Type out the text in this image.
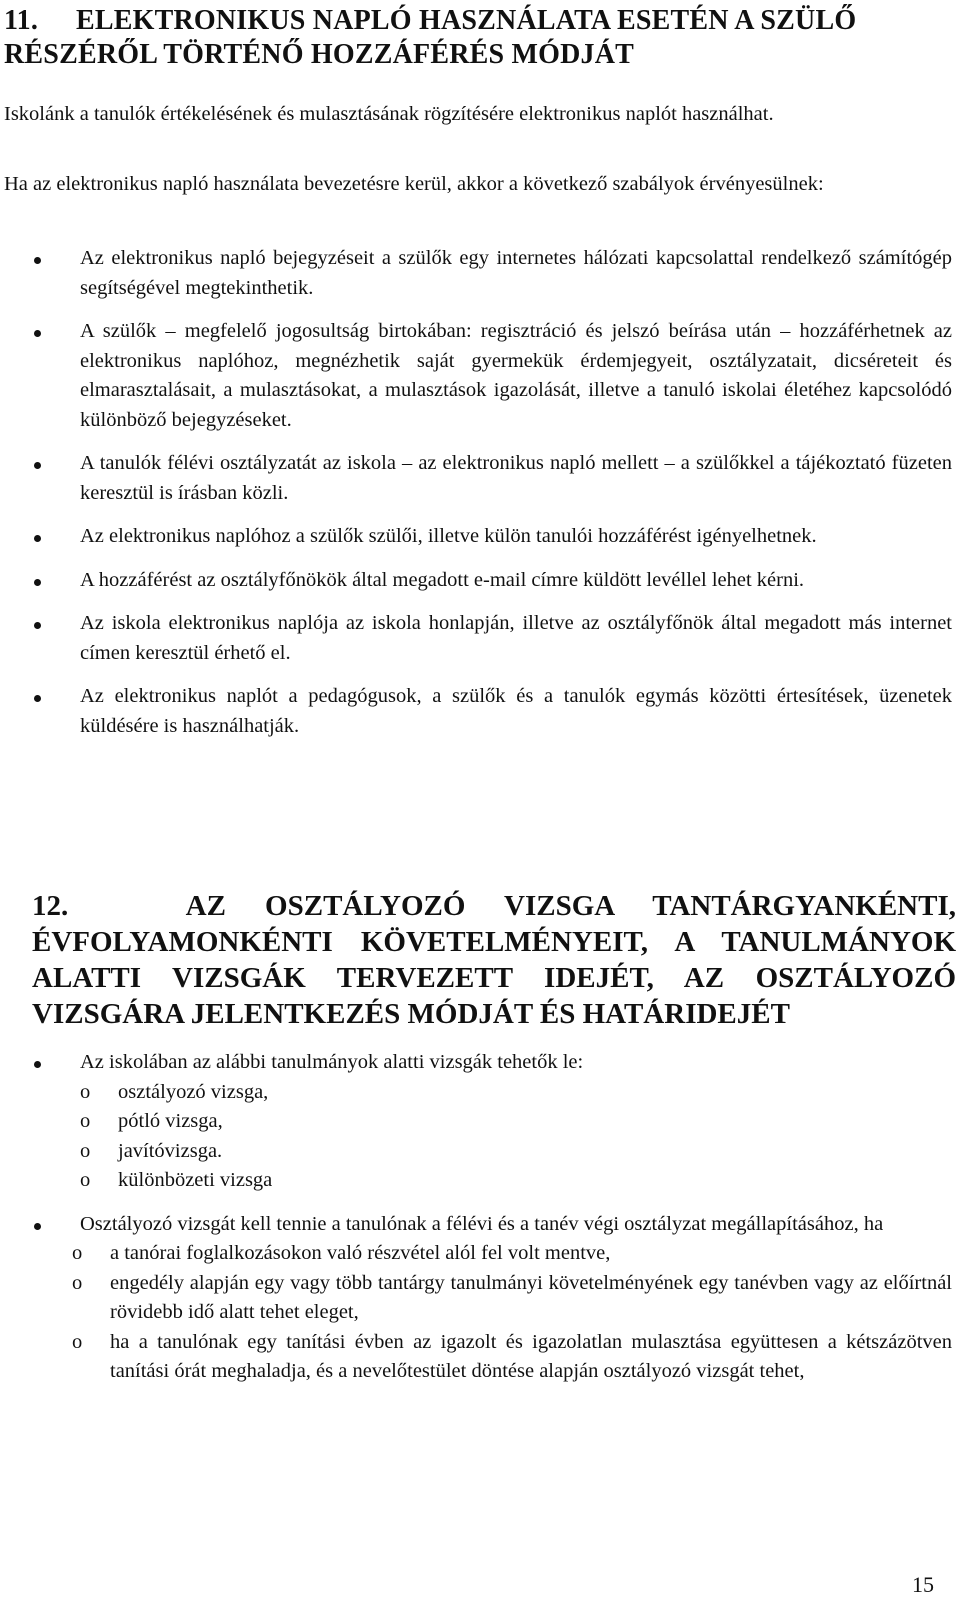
11. ELEKTRONIKUS NAPLÓ HASZNÁLATA ESETÉN A SZÜLŐ RÉSZÉRŐL TÖRTÉNŐ HOZZÁFÉRÉS MÓDJÁT

Iskolánk a tanulók értékelésének és mulasztásának rögzítésére elektronikus naplót használhat.

Ha az elektronikus napló használata bevezetésre kerül, akkor a következő szabályok érvényesülnek:

Az elektronikus napló bejegyzéseit a szülők egy internetes hálózati kapcsolattal rendelkező számítógép segítségével megtekinthetik.
A szülők – megfelelő jogosultság birtokában: regisztráció és jelszó beírása után – hozzáférhetnek az elektronikus naplóhoz, megnézhetik saját gyermekük érdemjegyeit, osztályzatait, dicséreteit és elmarasztalásait, a mulasztásokat, a mulasztások igazolását, illetve a tanuló iskolai életéhez kapcsolódó különböző bejegyzéseket.
A tanulók félévi osztályzatát az iskola – az elektronikus napló mellett – a szülőkkel a tájékoztató füzeten keresztül is írásban közli.
Az elektronikus naplóhoz a szülők szülői, illetve külön tanulói hozzáférést igényelhetnek.
A hozzáférést az osztályfőnökök által megadott e-mail címre küldött levéllel lehet kérni.
Az iskola elektronikus naplója az iskola honlapján, illetve az osztályfőnök által megadott más internet címen keresztül érhető el.
Az elektronikus naplót a pedagógusok, a szülők és a tanulók egymás közötti értesítések, üzenetek küldésére is használhatják.
12.	AZ OSZTÁLYOZÓ VIZSGA TANTÁRGYANKÉNTI, ÉVFOLYAMONKÉNTI KÖVETELMÉNYEIT, A TANULMÁNYOK ALATTI VIZSGÁK TERVEZETT IDEJÉT, AZ OSZTÁLYOZÓ VIZSGÁRA JELENTKEZÉS MÓDJÁT ÉS HATÁRIDEJÉT
Az iskolában az alábbi tanulmányok alatti vizsgák tehetők le:
o osztályozó vizsga,
o pótló vizsga,
o javítóvizsga.
o különbözeti vizsga
Osztályozó vizsgát kell tennie a tanulónak a félévi és a tanév végi osztályzat megállapításához, ha
o a tanórai foglalkozásokon való részvétel alól fel volt mentve,
o engedély alapján egy vagy több tantárgy tanulmányi követelményének egy tanévben vagy az előírtnál rövidebb idő alatt tehet eleget,
o ha a tanulónak egy tanítási évben az igazolt és igazolatlan mulasztása együttesen a kétszázötven tanítási órát meghaladja, és a nevelőtestület döntése alapján osztályozó vizsgát tehet,
15
